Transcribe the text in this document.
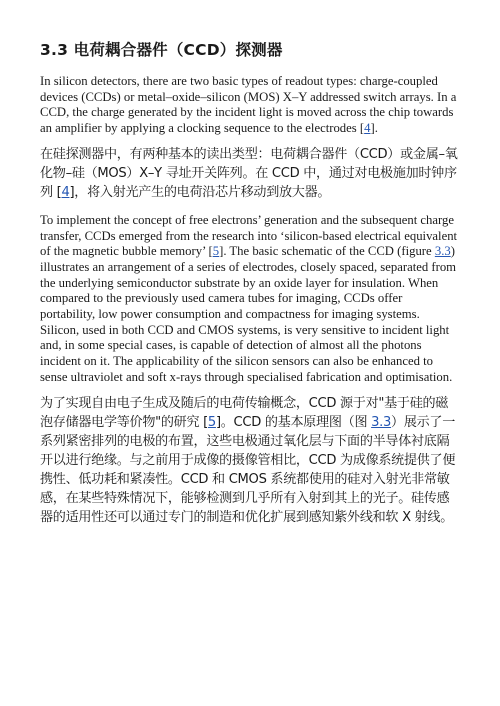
3.3 电荷耦合器件（CCD）探测器

In silicon detectors, there are two basic types of readout types: charge-coupled devices (CCDs) or metal–oxide–silicon (MOS) X–Y addressed switch arrays. In a CCD, the charge generated by the incident light is moved across the chip towards an amplifier by applying a clocking sequence to the electrodes [4].

在硅探测器中，有两种基本的读出类型：电荷耦合器件（CCD）或金属–氧化物–硅（MOS）X–Y 寻址开关阵列。在 CCD 中，通过对电极施加时钟序列 [4]，将入射光产生的电荷沿芯片移动到放大器。

To implement the concept of free electrons’ generation and the subsequent charge transfer, CCDs emerged from the research into ‘silicon-based electrical equivalent of the magnetic bubble memory’ [5]. The basic schematic of the CCD (figure 3.3) illustrates an arrangement of a series of electrodes, closely spaced, separated from the underlying semiconductor substrate by an oxide layer for insulation. When compared to the previously used camera tubes for imaging, CCDs offer portability, low power consumption and compactness for imaging systems. Silicon, used in both CCD and CMOS systems, is very sensitive to incident light and, in some special cases, is capable of detection of almost all the photons incident on it. The applicability of the silicon sensors can also be enhanced to sense ultraviolet and soft x-rays through specialised fabrication and optimisation.

为了实现自由电子生成及随后的电荷传输概念，CCD 源于对"基于硅的磁泡存储器电学等价物"的研究 [5]。CCD 的基本原理图（图 3.3）展示了一系列紧密排列的电极的布置，这些电极通过氧化层与下面的半导体衬底隔开以进行绝缘。与之前用于成像的摄像管相比，CCD 为成像系统提供了便携性、低功耗和紧凑性。CCD 和 CMOS 系统都使用的硅对入射光非常敏感，在某些特殊情况下，能够检测到几乎所有入射到其上的光子。硅传感器的适用性还可以通过专门的制造和优化扩展到感知紫外线和软 X 射线。
